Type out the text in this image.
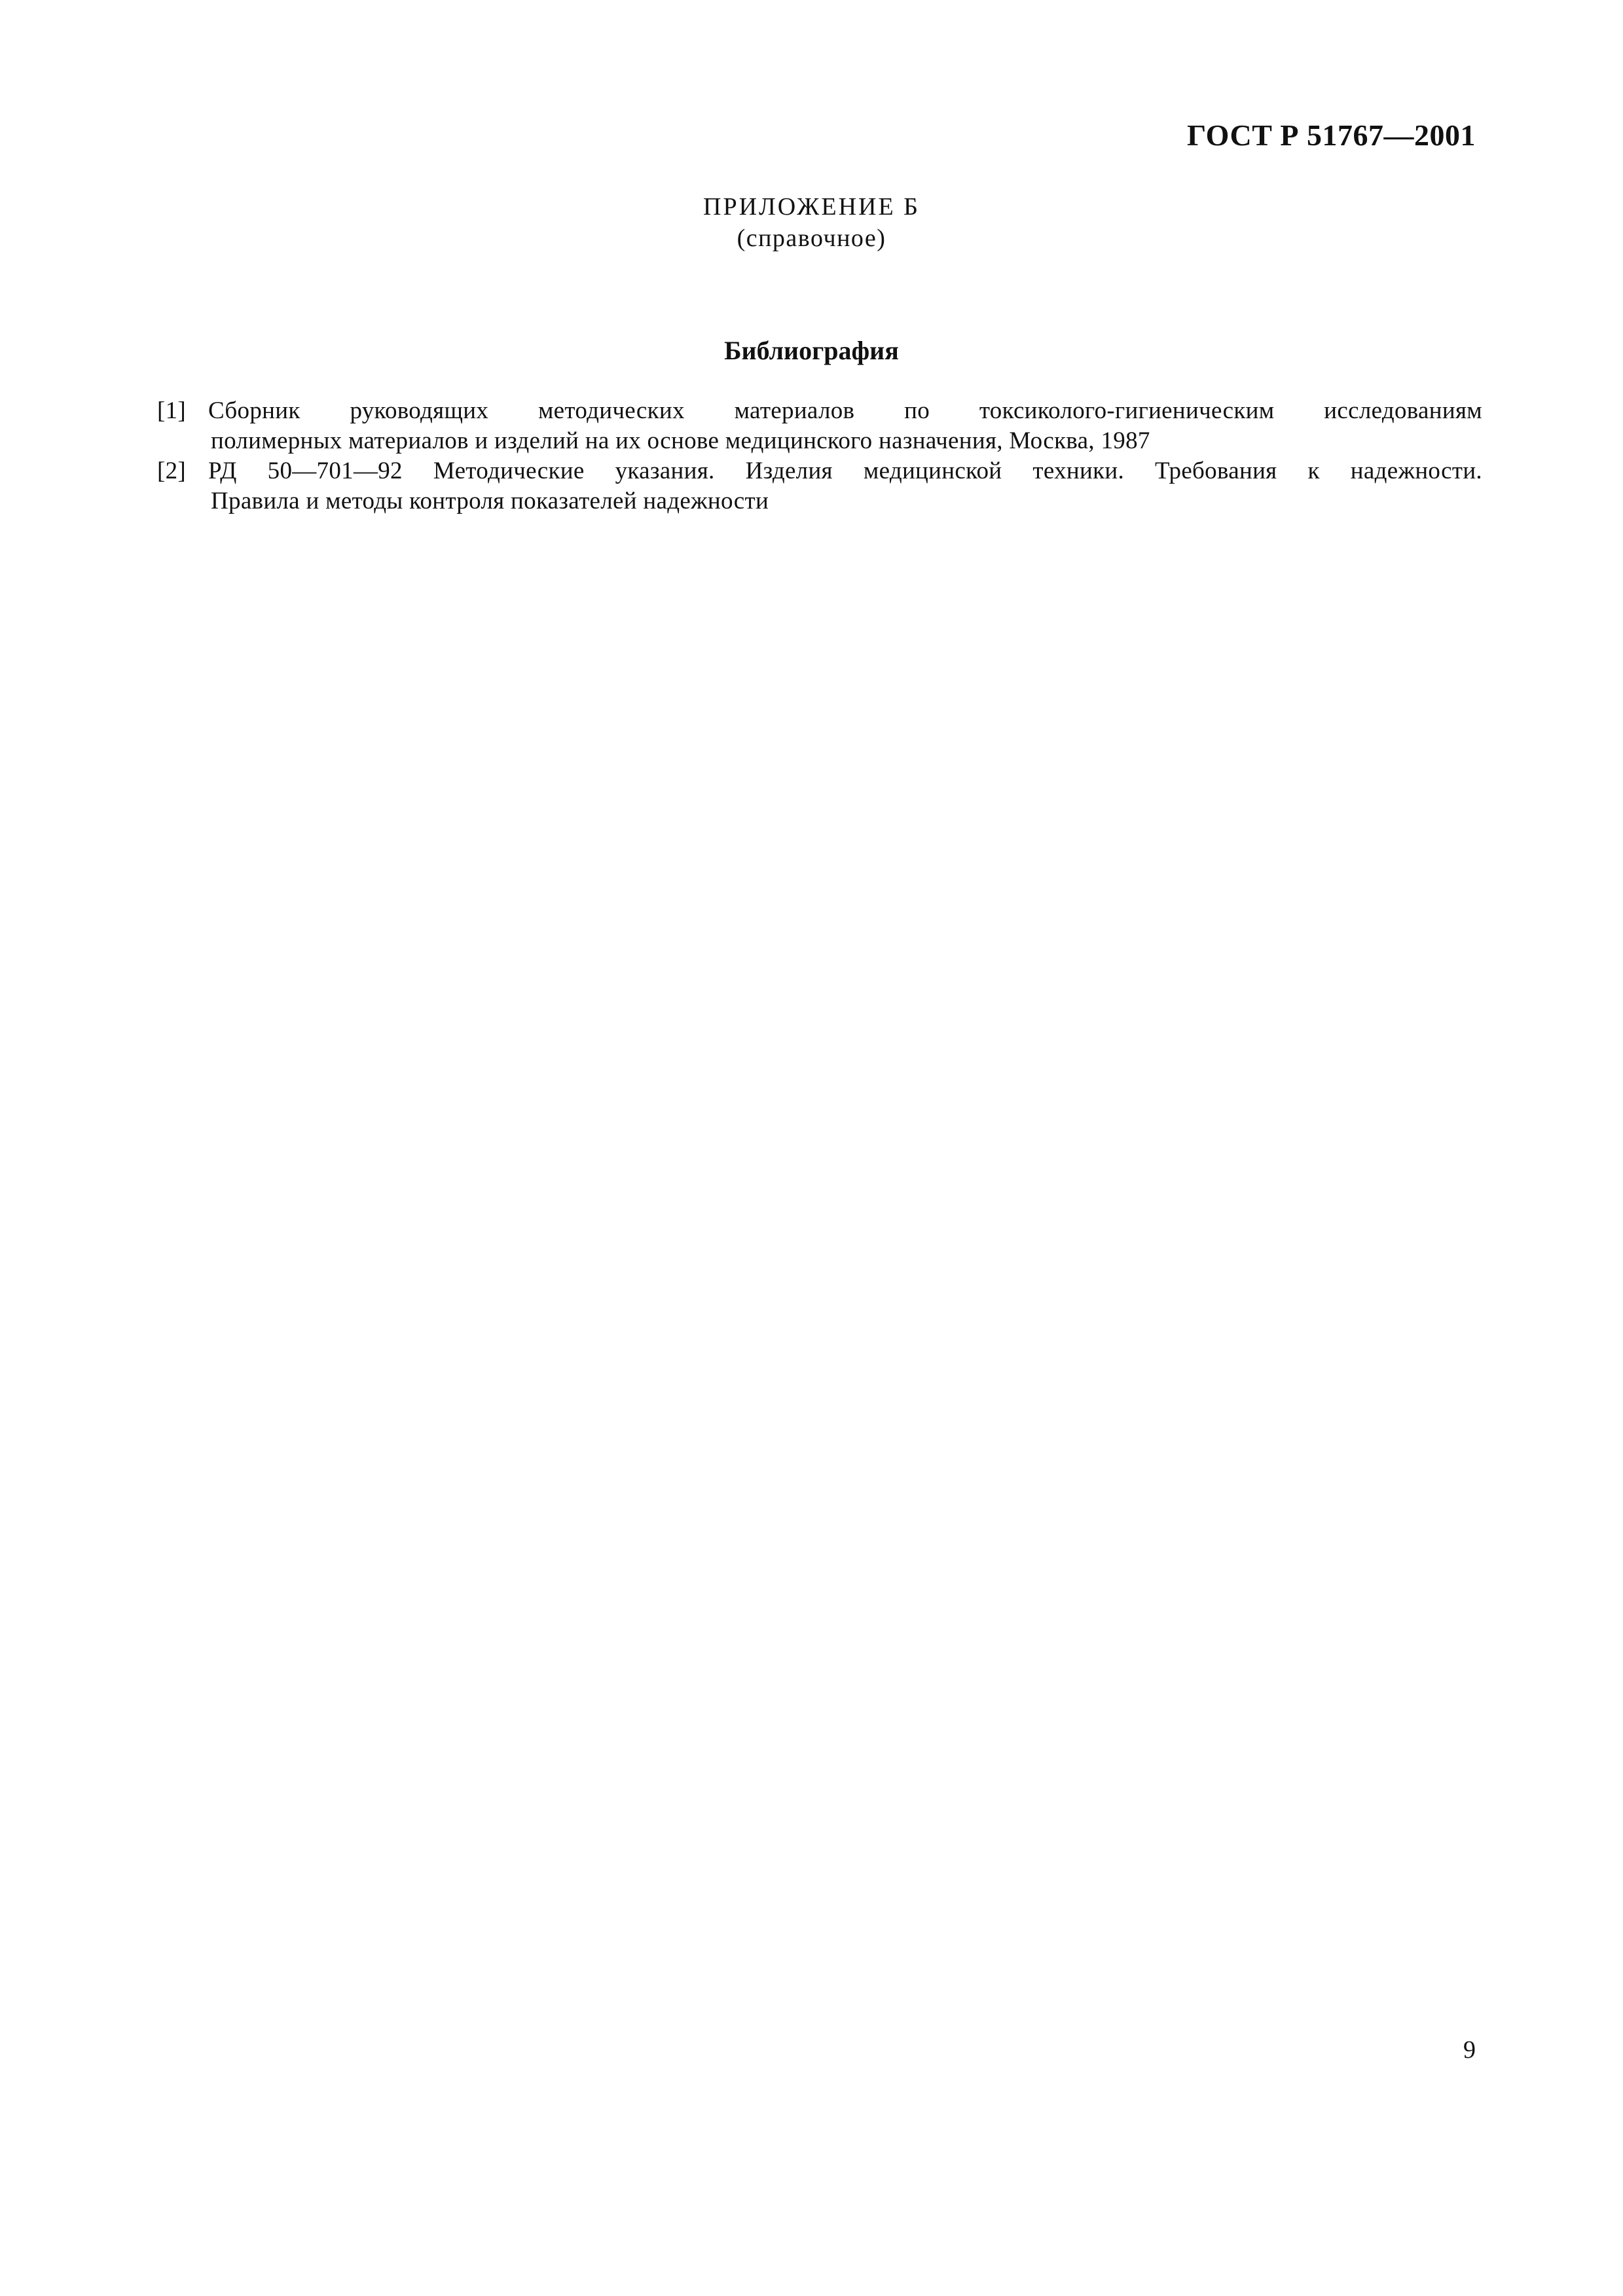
ГОСТ Р 51767—2001
ПРИЛОЖЕНИЕ Б
(справочное)
Библиография
[1] Сборник руководящих методических материалов по токсиколого-гигиеническим исследованиям
полимерных материалов и изделий на их основе медицинского назначения, Москва, 1987
[2] РД 50—701—92 Методические указания. Изделия медицинской техники. Требования к надежности.
Правила и методы контроля показателей надежности
9
